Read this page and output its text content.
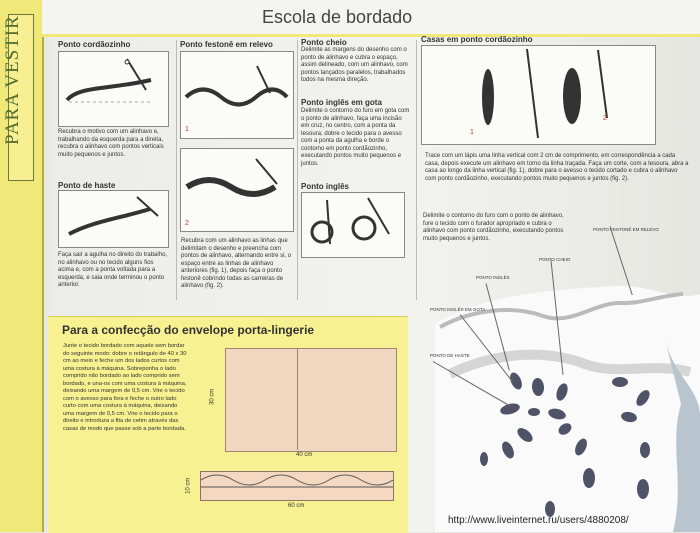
PARA VESTIR	Escola de bordado
Ponto cordãozinho
Recubra o motivo com um alinhavo e, trabalhando da esquerda para a direita, recubra o alinhavo com pontos verticais muito pequenos e juntos.
Ponto de haste
Faça sair a agulha no direito do trabalho, no alinhavo ou no tecido alguns fios acima e, com a ponta voltada para a esquerda, e saia onde terminou o ponto anterior.
Ponto festonê em relevo
1
2
Recubra com um alinhavo as linhas que delimitam o desenho e preencha com pontos de alinhavo, alternando entre si, o espaço entre as linhas de alinhavo anteriores (fig. 1), depois faça o ponto festonê cobrindo todas as carreiras de alinhavo (fig. 2).
Ponto cheio
Delimite as margens do desenho com o ponto de alinhavo e cubra o espaço, assim delineado, com um alinhavo, com pontos lançados paralelos, trabalhados todos na mesma direção.
Ponto inglês em gota
Delimite o contorno do furo em gota com o ponto de alinhavo, faça uma incisão em cruz, no centro, com a ponta da tesoura; dobre o tecido para o avesso com a ponta da agulha e borde o contorno em ponto cordãozinho, executando pontos muito pequenos e juntos.
Ponto inglês
Casas em ponto cordãozinho
1
2
Trace com um lápis uma linha vertical com 2 cm de comprimento, em correspondência a cada casa, depois execute um alinhavo em torno da linha traçada. Faça um corte, com a tesoura, abra a casa ao longo da linha vertical (fig. 1), dobre para o avesso o tecido cortado e cubra o alinhavo com ponto cordãozinho, executando pontos muito pequenos e juntos (fig. 2).
Delimite o contorno do furo com o ponto de alinhavo, fure o tecido com o furador apropriado e cubra o alinhavo com ponto cordãozinho, executando pontos muito pequenos e juntos.
Para a confecção do envelope porta-lingerie
Junte o tecido bordado com aquele sem bordar do seguinte modo: dobre o retângulo de 40 x 30 cm ao meio e feche um dos lados curtos com uma costura à máquina. Sobreponha o lado comprido não bordado ao lado comprido sem bordado, e una-os com uma costura à máquina, deixando uma margem de 0,5 cm. Vire o tecido com o avesso para fora e feche o outro lado curto com uma costura à máquina, deixando uma margem de 0,5 cm. Vire o tecido para o direito e introduza a fita de cetim através das casas de modo que passe sob a parte bordada.
40 cm
30 cm
60 cm
10 cm
PONTO FESTONÊ EM RELEVO
PONTO CHEIO
PONTO INGLÊS
PONTO INGLÊS EM GOTA
PONTO DE HASTE
http://www.liveinternet.ru/users/4880208/
